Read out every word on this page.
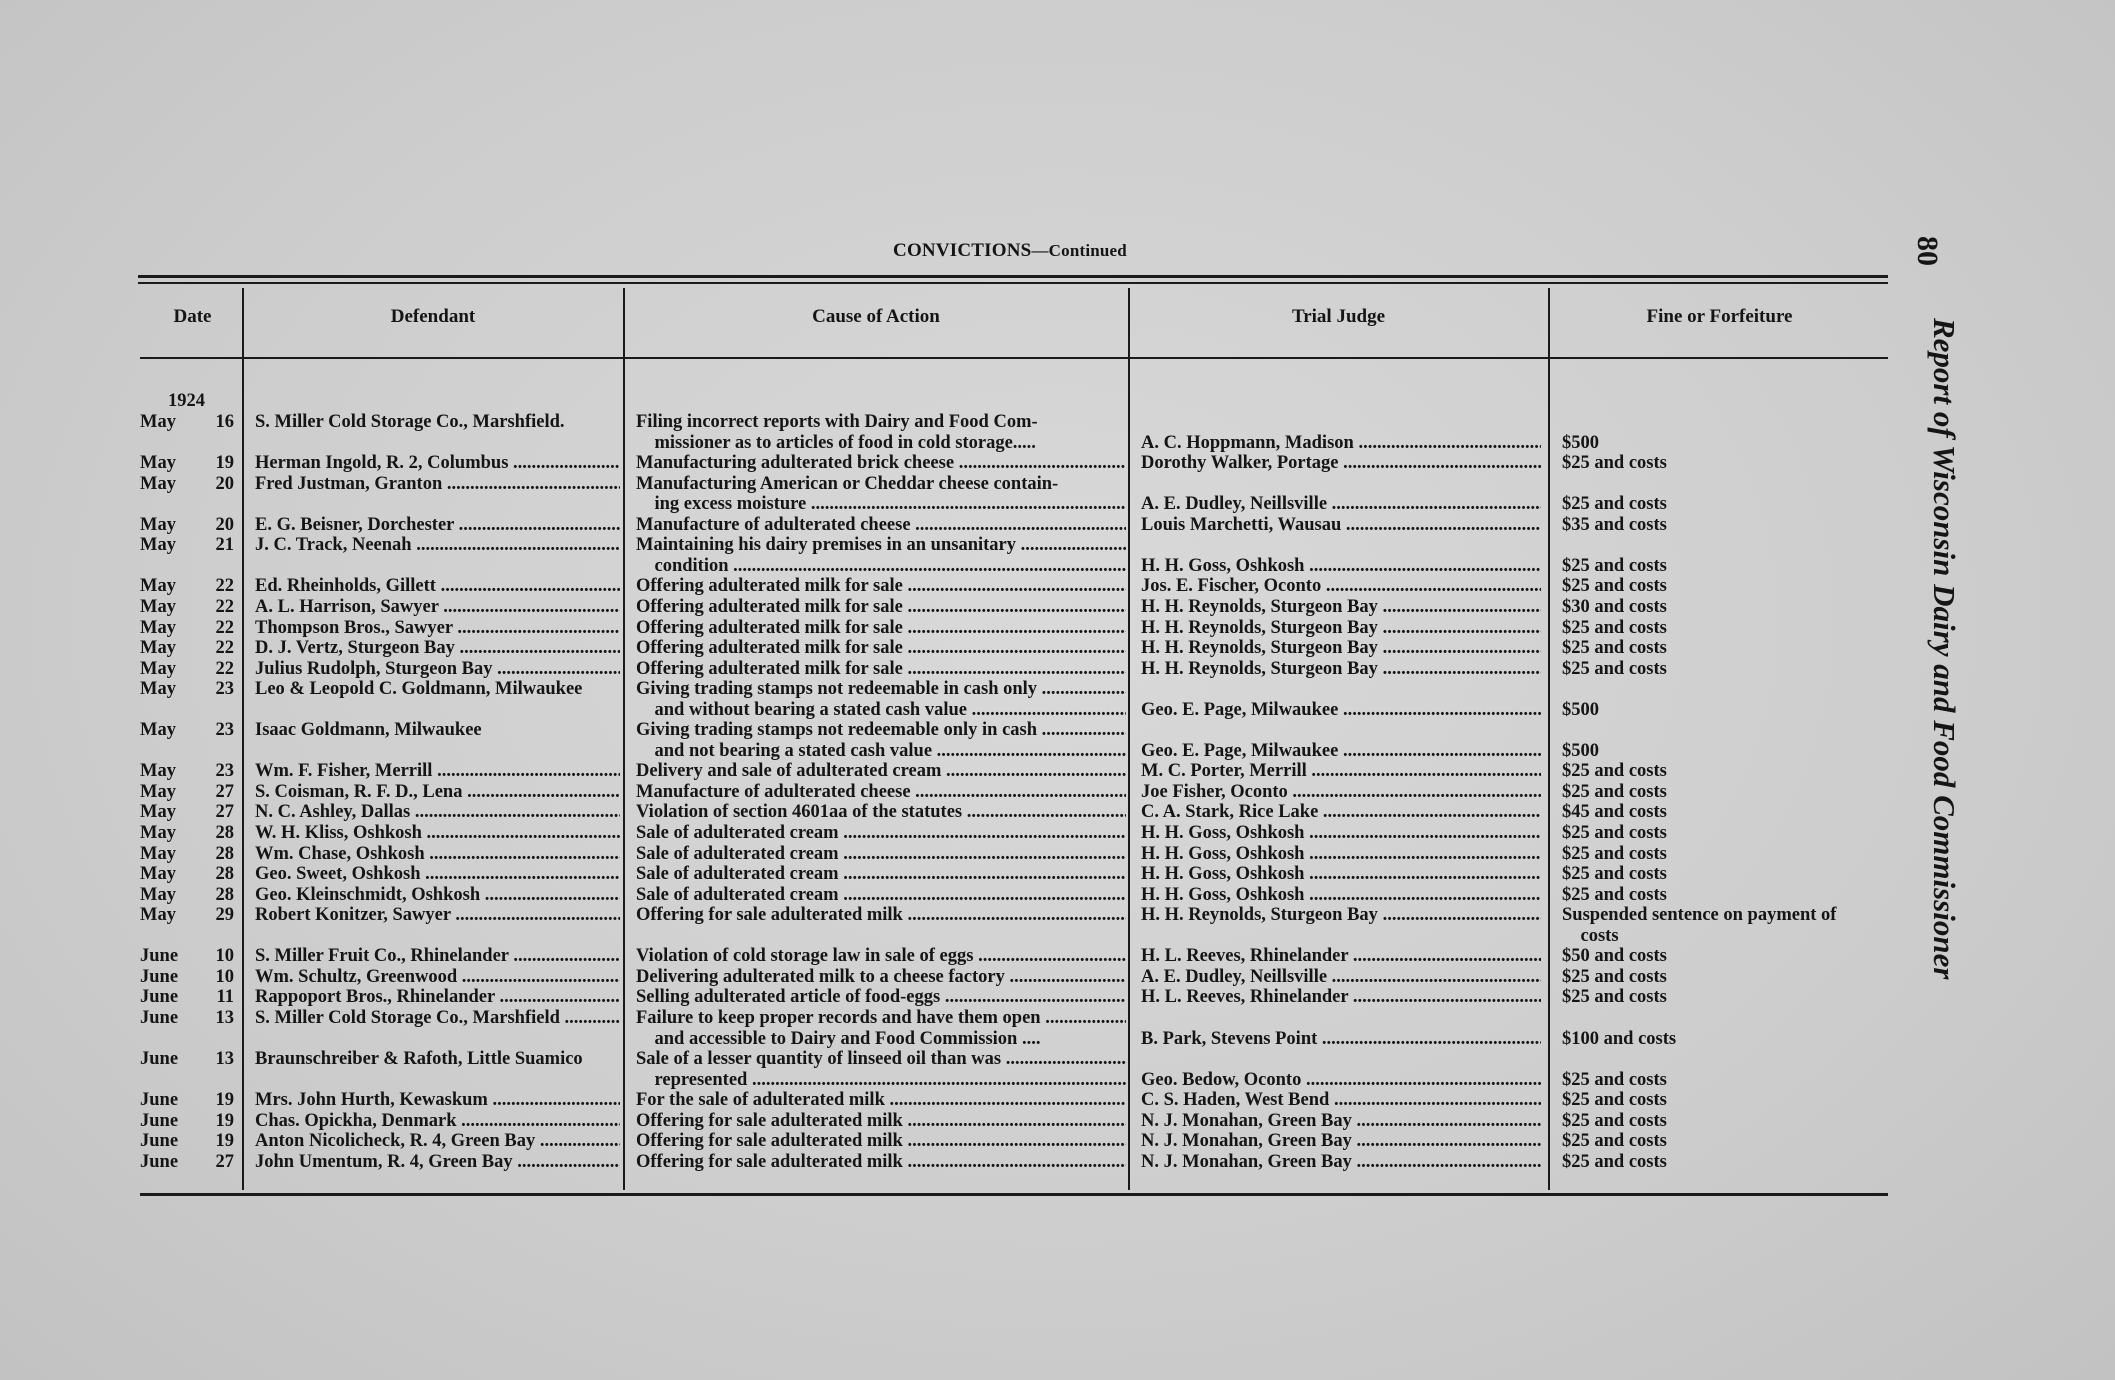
CONVICTIONS—Continued	80
Report of Wisconsin Dairy and Food Commissioner
Date	Defendant	Cause of Action	Trial Judge	Fine or Forfeiture
1924
May	16 S. Miller Cold Storage Co., Marshfield.	Filing incorrect reports with Dairy and Food Com-
missioner as to articles of food in cold storage.....	A. C. Hoppmann, Madison .....	$500
May	19 Herman Ingold, R. 2, Columbus .....	Manufacturing adulterated brick cheese .....	Dorothy Walker, Portage .....	$25 and costs
May	20 Fred Justman, Granton .....	Manufacturing American or Cheddar cheese contain-
ing excess moisture .....	A. E. Dudley, Neillsville .....	$25 and costs
May	20 E. G. Beisner, Dorchester .....	Manufacture of adulterated cheese .....	Louis Marchetti, Wausau .....	$35 and costs
May	21 J. C. Track, Neenah .....	Maintaining his dairy premises in an unsanitary .....
condition .....	H. H. Goss, Oshkosh .....	$25 and costs
May	22 Ed. Rheinholds, Gillett .....	Offering adulterated milk for sale .....	Jos. E. Fischer, Oconto .....	$25 and costs
May	22 A. L. Harrison, Sawyer .....	Offering adulterated milk for sale .....	H. H. Reynolds, Sturgeon Bay .....	$30 and costs
May	22 Thompson Bros., Sawyer .....	Offering adulterated milk for sale .....	H. H. Reynolds, Sturgeon Bay .....	$25 and costs
May	22 D. J. Vertz, Sturgeon Bay .....	Offering adulterated milk for sale .....	H. H. Reynolds, Sturgeon Bay .....	$25 and costs
May	22 Julius Rudolph, Sturgeon Bay .....	Offering adulterated milk for sale .....	H. H. Reynolds, Sturgeon Bay .....	$25 and costs
May	23 Leo & Leopold C. Goldmann, Milwaukee	Giving trading stamps not redeemable in cash only .....
and without bearing a stated cash value .....	Geo. E. Page, Milwaukee .....	$500
May	23 Isaac Goldmann, Milwaukee	Giving trading stamps not redeemable only in cash .....
and not bearing a stated cash value .....	Geo. E. Page, Milwaukee .....	$500
May	23 Wm. F. Fisher, Merrill .....	Delivery and sale of adulterated cream .....	M. C. Porter, Merrill .....	$25 and costs
May	27 S. Coisman, R. F. D., Lena .....	Manufacture of adulterated cheese .....	Joe Fisher, Oconto .....	$25 and costs
May	27 N. C. Ashley, Dallas .....	Violation of section 4601aa of the statutes .....	C. A. Stark, Rice Lake .....	$45 and costs
May	28 W. H. Kliss, Oshkosh .....	Sale of adulterated cream .....	H. H. Goss, Oshkosh .....	$25 and costs
May	28 Wm. Chase, Oshkosh .....	Sale of adulterated cream .....	H. H. Goss, Oshkosh .....	$25 and costs
May	28 Geo. Sweet, Oshkosh .....	Sale of adulterated cream .....	H. H. Goss, Oshkosh .....	$25 and costs
May	28 Geo. Kleinschmidt, Oshkosh .....	Sale of adulterated cream .....	H. H. Goss, Oshkosh .....	$25 and costs
May	29 Robert Konitzer, Sawyer .....	Offering for sale adulterated milk .....	H. H. Reynolds, Sturgeon Bay .....	Suspended sentence on payment of
costs
June	10 S. Miller Fruit Co., Rhinelander .....	Violation of cold storage law in sale of eggs .....	H. L. Reeves, Rhinelander .....	$50 and costs
June	10 Wm. Schultz, Greenwood .....	Delivering adulterated milk to a cheese factory .....	A. E. Dudley, Neillsville .....	$25 and costs
June	11 Rappoport Bros., Rhinelander .....	Selling adulterated article of food-eggs .....	H. L. Reeves, Rhinelander .....	$25 and costs
June	13 S. Miller Cold Storage Co., Marshfield .....	Failure to keep proper records and have them open .....
and accessible to Dairy and Food Commission ....	B. Park, Stevens Point .....	$100 and costs
June	13 Braunschreiber & Rafoth, Little Suamico	Sale of a lesser quantity of linseed oil than was .....
represented .....	Geo. Bedow, Oconto .....	$25 and costs
June	19 Mrs. John Hurth, Kewaskum .....	For the sale of adulterated milk .....	C. S. Haden, West Bend .....	$25 and costs
June	19 Chas. Opickha, Denmark .....	Offering for sale adulterated milk .....	N. J. Monahan, Green Bay .....	$25 and costs
June	19 Anton Nicolicheck, R. 4, Green Bay .....	Offering for sale adulterated milk .....	N. J. Monahan, Green Bay .....	$25 and costs
June	27 John Umentum, R. 4, Green Bay .....	Offering for sale adulterated milk .....	N. J. Monahan, Green Bay .....	$25 and costs
